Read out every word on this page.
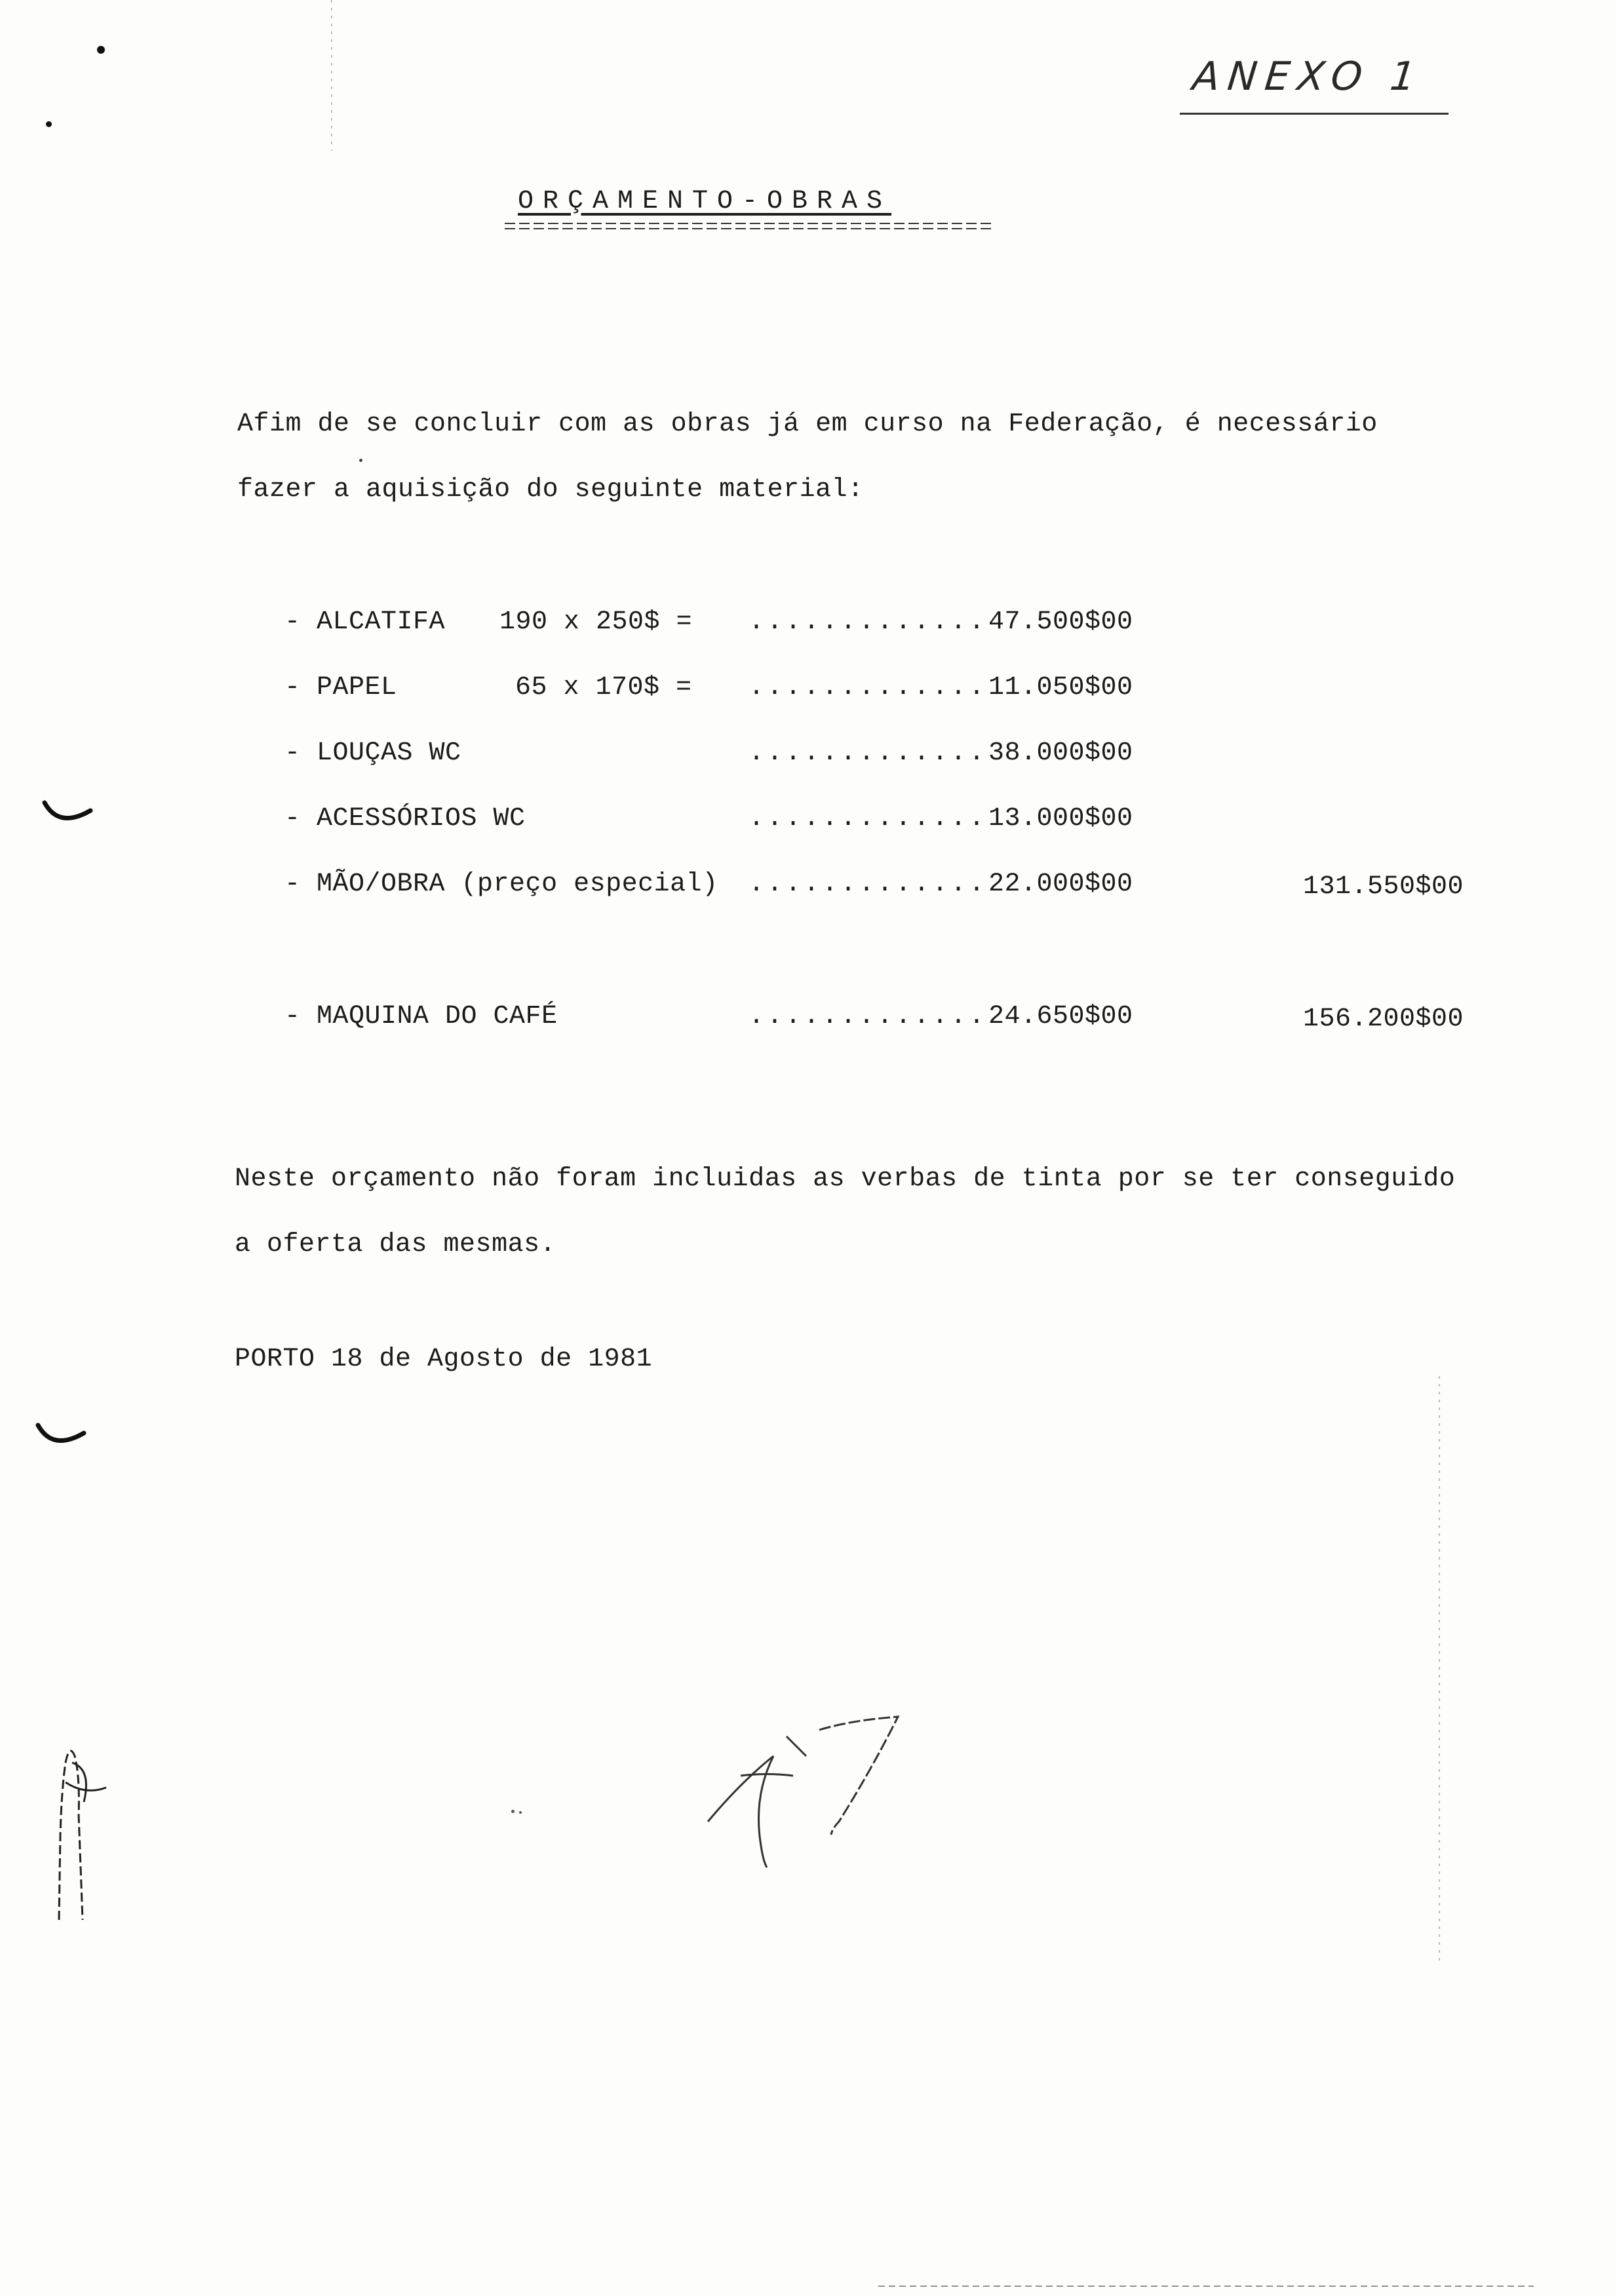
ANEXO 1
ORÇAMENTO-OBRAS
Afim de se concluir com as obras já em curso na Federação, é necessário
fazer a aquisição do seguinte material:
- ALCATIFA 190 x 250$ = ............. 47.500$00
- PAPEL	65 x 170$ = ............. 11.050$00
- LOUÇAS WC	............. 38.000$00
- ACESSÓRIOS WC	............. 13.000$00
- MÃO/OBRA (preço especial) ............. 22.000$00	131.550$00
- MAQUINA DO CAFÉ	............. 24.650$00	156.200$00
Neste orçamento não foram incluidas as verbas de tinta por se ter conseguido
a oferta das mesmas.
PORTO 18 de Agosto de 1981
